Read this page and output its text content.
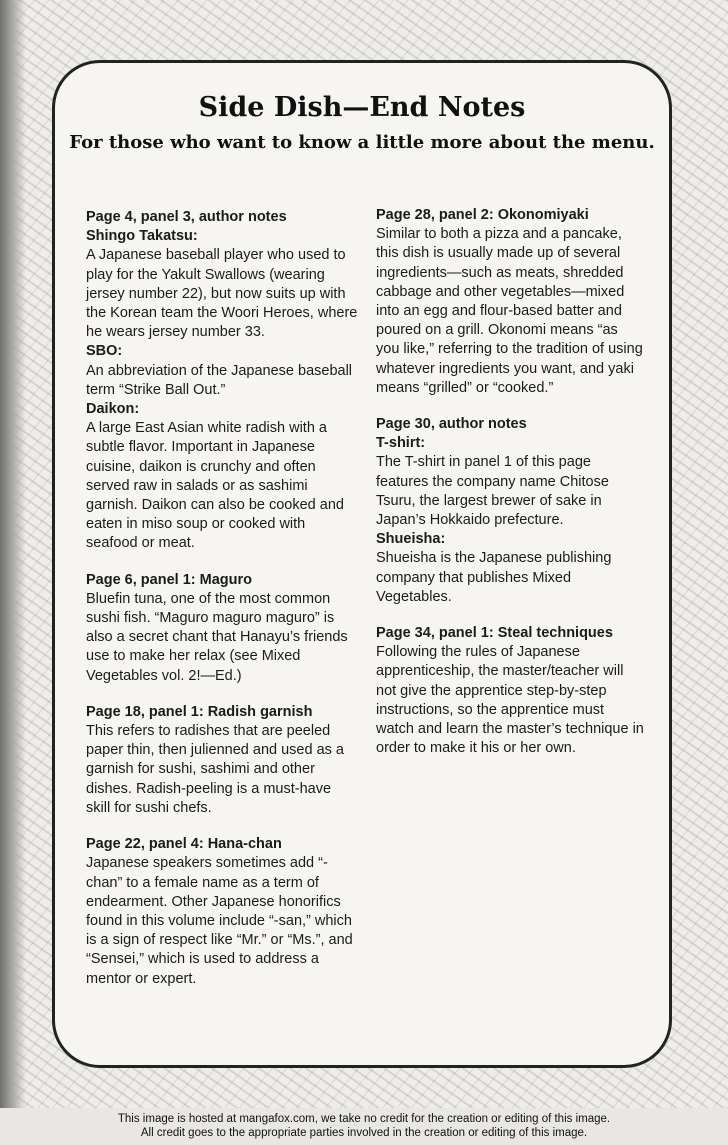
Side Dish—End Notes
For those who want to know a little more about the menu.
Page 4, panel 3, author notes
Shingo Takatsu:
A Japanese baseball player who used to play for the Yakult Swallows (wearing jersey number 22), but now suits up with the Korean team the Woori Heroes, where he wears jersey number 33.
SBO:
An abbreviation of the Japanese baseball term “Strike Ball Out.”
Daikon:
A large East Asian white radish with a subtle flavor. Important in Japanese cuisine, daikon is crunchy and often served raw in salads or as sashimi garnish. Daikon can also be cooked and eaten in miso soup or cooked with seafood or meat.
Page 6, panel 1: Maguro
Bluefin tuna, one of the most common sushi fish. “Maguro maguro maguro” is also a secret chant that Hanayu’s friends use to make her relax (see Mixed Vegetables vol. 2!—Ed.)
Page 18, panel 1: Radish garnish
This refers to radishes that are peeled paper thin, then julienned and used as a garnish for sushi, sashimi and other dishes. Radish-peeling is a must-have skill for sushi chefs.
Page 22, panel 4: Hana-chan
Japanese speakers sometimes add “-chan” to a female name as a term of endearment. Other Japanese honorifics found in this volume include “-san,” which is a sign of respect like “Mr.” or “Ms.”, and “Sensei,” which is used to address a mentor or expert.
Page 28, panel 2: Okonomiyaki
Similar to both a pizza and a pancake, this dish is usually made up of several ingredients—such as meats, shredded cabbage and other vegetables—mixed into an egg and flour-based batter and poured on a grill. Okonomi means “as you like,” referring to the tradition of using whatever ingredients you want, and yaki means “grilled” or “cooked.”
Page 30, author notes
T-shirt:
The T-shirt in panel 1 of this page features the company name Chitose Tsuru, the largest brewer of sake in Japan’s Hokkaido prefecture.
Shueisha:
Shueisha is the Japanese publishing company that publishes Mixed Vegetables.
Page 34, panel 1: Steal techniques
Following the rules of Japanese apprenticeship, the master/teacher will not give the apprentice step-by-step instructions, so the apprentice must watch and learn the master’s technique in order to make it his or her own.
This image is hosted at mangafox.com, we take no credit for the creation or editing of this image.
All credit goes to the appropriate parties involved in the creation or editing of this image.
